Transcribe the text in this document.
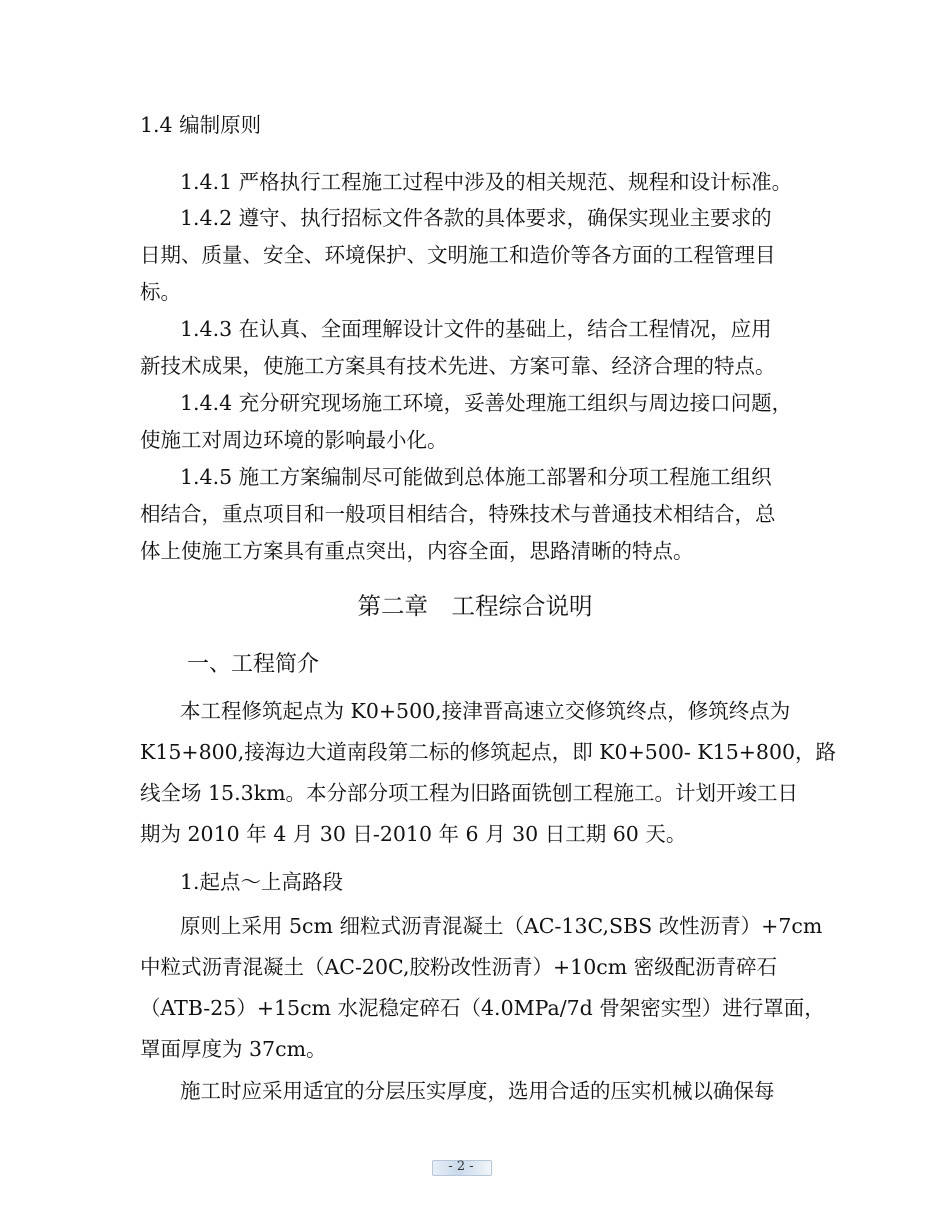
1.4 编制原则
1.4.1 严格执行工程施工过程中涉及的相关规范、规程和设计标准。
1.4.2 遵守、执行招标文件各款的具体要求，确保实现业主要求的
日期、质量、安全、环境保护、文明施工和造价等各方面的工程管理目
标。
1.4.3 在认真、全面理解设计文件的基础上，结合工程情况，应用
新技术成果，使施工方案具有技术先进、方案可靠、经济合理的特点。
1.4.4 充分研究现场施工环境，妥善处理施工组织与周边接口问题，
使施工对周边环境的影响最小化。
1.4.5 施工方案编制尽可能做到总体施工部署和分项工程施工组织
相结合，重点项目和一般项目相结合，特殊技术与普通技术相结合，总
体上使施工方案具有重点突出，内容全面，思路清晰的特点。
第二章　工程综合说明
一、工程简介
本工程修筑起点为 K0+500,接津晋高速立交修筑终点，修筑终点为
K15+800,接海边大道南段第二标的修筑起点，即 K0+500- K15+800，路
线全场 15.3km。本分部分项工程为旧路面铣刨工程施工。计划开竣工日
期为 2010 年 4 月 30 日-2010 年 6 月 30 日工期 60 天。
1.起点～上高路段
原则上采用 5cm 细粒式沥青混凝土（AC-13C,SBS 改性沥青）+7cm
中粒式沥青混凝土（AC-20C,胶粉改性沥青）+10cm 密级配沥青碎石
（ATB-25）+15cm 水泥稳定碎石（4.0MPa/7d 骨架密实型）进行罩面，
罩面厚度为 37cm。
施工时应采用适宜的分层压实厚度，选用合适的压实机械以确保每
- 2 -
